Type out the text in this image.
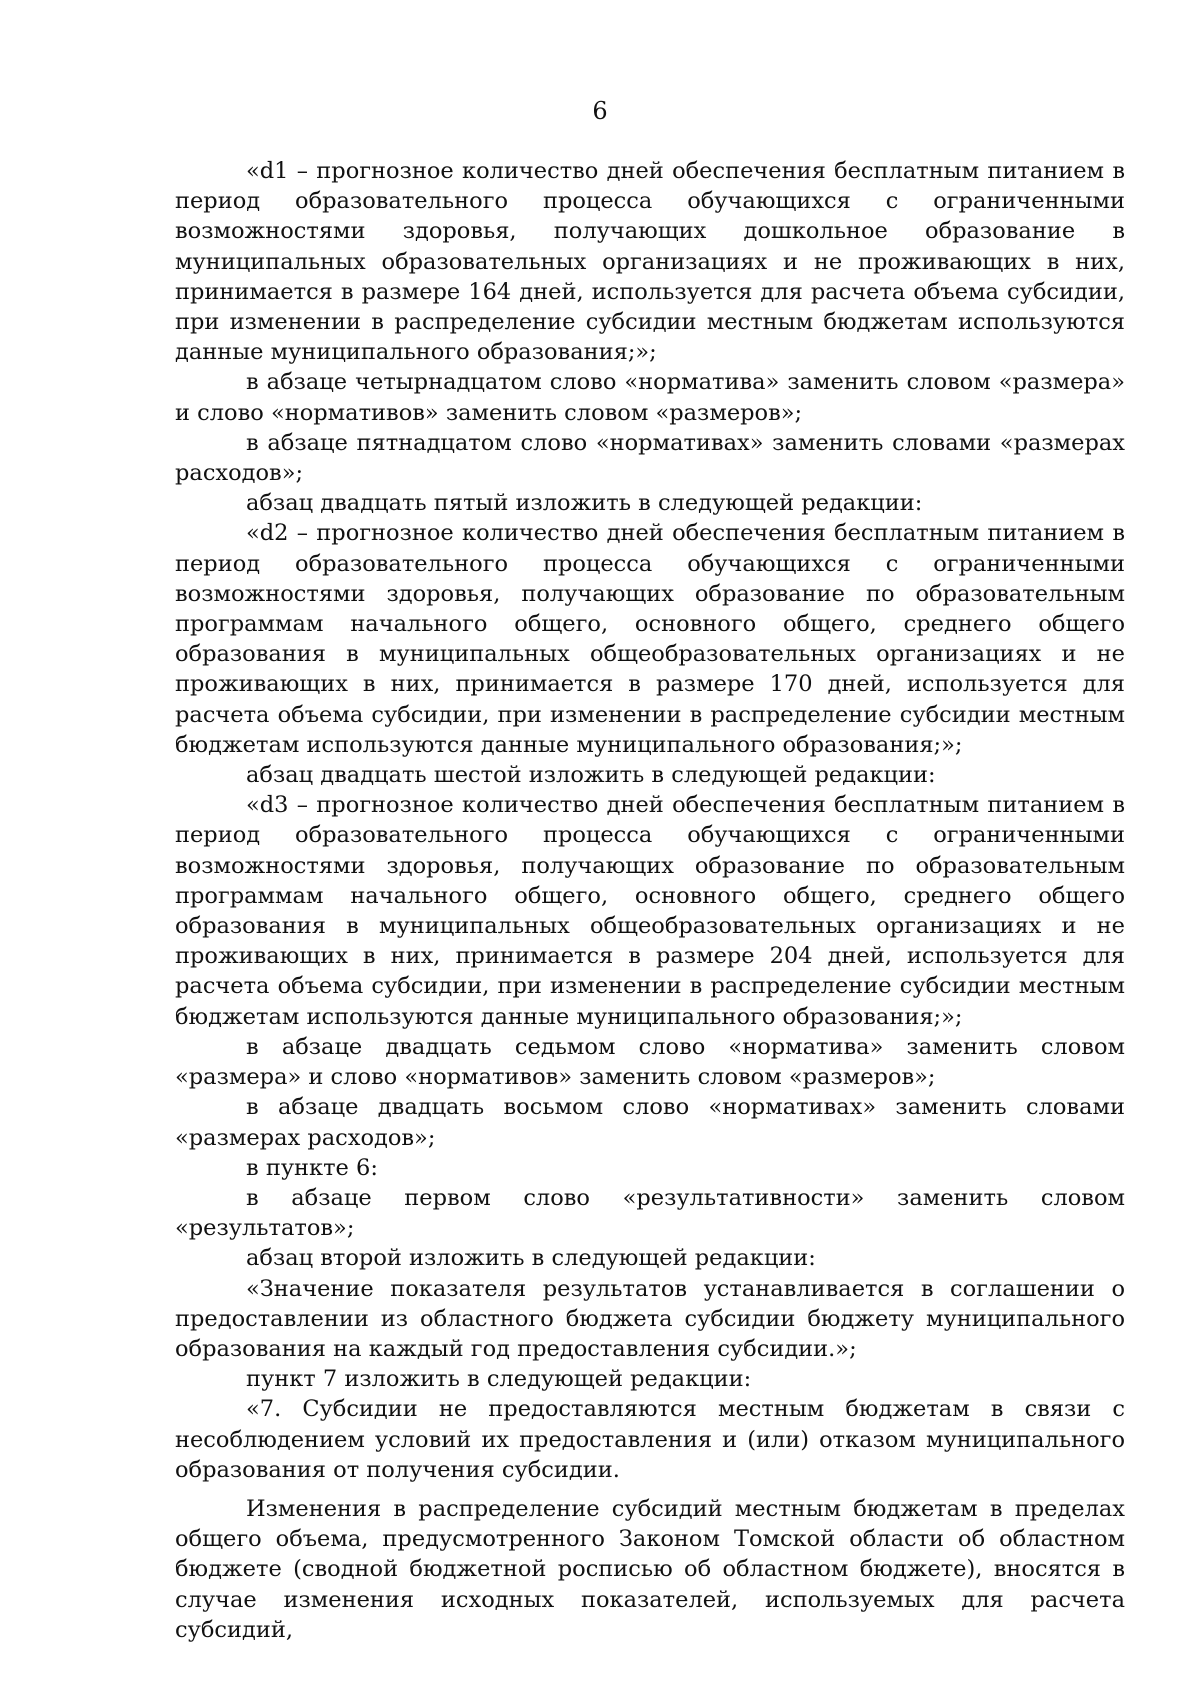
6

«d1 – прогнозное количество дней обеспечения бесплатным питанием в период образовательного процесса обучающихся с ограниченными возможностями здоровья, получающих дошкольное образование в муниципальных образовательных организациях и не проживающих в них, принимается в размере 164 дней, используется для расчета объема субсидии, при изменении в распределение субсидии местным бюджетам используются данные муниципального образования;»;

в абзаце четырнадцатом слово «норматива» заменить словом «размера» и слово «нормативов» заменить словом «размеров»;

в абзаце пятнадцатом слово «нормативах» заменить словами «размерах расходов»;

абзац двадцать пятый изложить в следующей редакции:

«d2 – прогнозное количество дней обеспечения бесплатным питанием в период образовательного процесса обучающихся с ограниченными возможностями здоровья, получающих образование по образовательным программам начального общего, основного общего, среднего общего образования в муниципальных общеобразовательных организациях и не проживающих в них, принимается в размере 170 дней, используется для расчета объема субсидии, при изменении в распределение субсидии местным бюджетам используются данные муниципального образования;»;

абзац двадцать шестой изложить в следующей редакции:

«d3 – прогнозное количество дней обеспечения бесплатным питанием в период образовательного процесса обучающихся с ограниченными возможностями здоровья, получающих образование по образовательным программам начального общего, основного общего, среднего общего образования в муниципальных общеобразовательных организациях и не проживающих в них, принимается в размере 204 дней, используется для расчета объема субсидии, при изменении в распределение субсидии местным бюджетам используются данные муниципального образования;»;

в абзаце двадцать седьмом слово «норматива» заменить словом «размера» и слово «нормативов» заменить словом «размеров»;

в абзаце двадцать восьмом слово «нормативах» заменить словами «размерах расходов»;

в пункте 6:

в абзаце первом слово «результативности» заменить словом «результатов»;

абзац второй изложить в следующей редакции:

«Значение показателя результатов устанавливается в соглашении о предоставлении из областного бюджета субсидии бюджету муниципального образования на каждый год предоставления субсидии.»;

пункт 7 изложить в следующей редакции:

«7. Субсидии не предоставляются местным бюджетам в связи с несоблюдением условий их предоставления и (или) отказом муниципального образования от получения субсидии.

Изменения в распределение субсидий местным бюджетам в пределах общего объема, предусмотренного Законом Томской области об областном бюджете (сводной бюджетной росписью об областном бюджете), вносятся в случае изменения исходных показателей, используемых для расчета субсидий,
